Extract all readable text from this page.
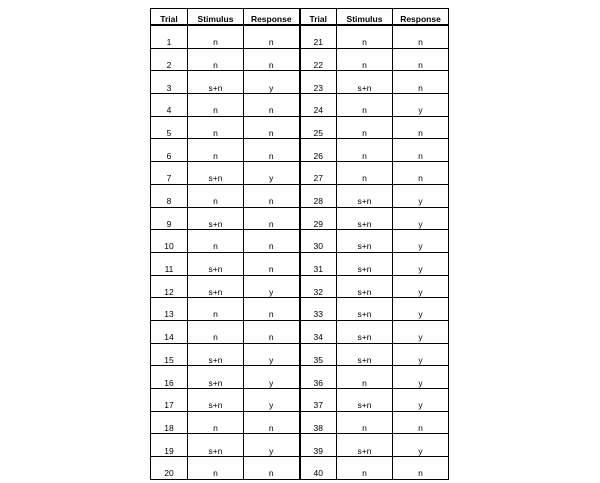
Trial	Stimulus	Response	Trial	Stimulus	Response
1	n	n	21	n	n
2	n	n	22	n	n
3	s+n	y	23	s+n	n
4	n	n	24	n	y
5	n	n	25	n	n
6	n	n	26	n	n
7	s+n	y	27	n	n
8	n	n	28	s+n	y
9	s+n	n	29	s+n	y
10	n	n	30	s+n	y
11	s+n	n	31	s+n	y
12	s+n	y	32	s+n	y
13	n	n	33	s+n	y
14	n	n	34	s+n	y
15	s+n	y	35	s+n	y
16	s+n	y	36	n	y
17	s+n	y	37	s+n	y
18	n	n	38	n	n
19	s+n	y	39	s+n	y
20	n	n	40	n	n
